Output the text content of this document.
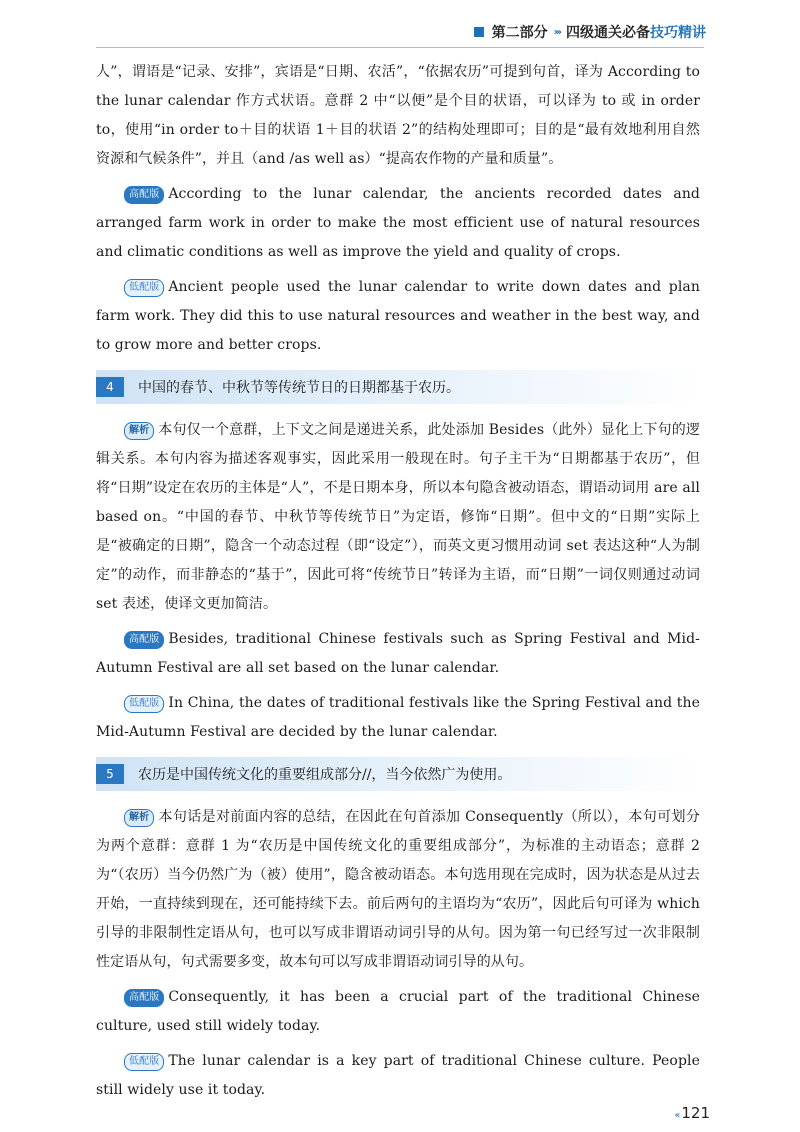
第二部分 ››› 四级通关必备 技巧精讲

人”，谓语是“记录、安排”，宾语是“日期、农活”，“依据农历”可提到句首，译为 According to the lunar calendar 作方式状语。意群 2 中“以便”是个目的状语，可以译为 to 或 in order to，使用“in order to＋目的状语 1＋目的状语 2”的结构处理即可；目的是“最有效地利用自然资源和气候条件”，并且（and /as well as）“提高农作物的产量和质量”。

高配版 According to the lunar calendar, the ancients recorded dates and arranged farm work in order to make the most efficient use of natural resources and climatic conditions as well as improve the yield and quality of crops.

低配版 Ancient people used the lunar calendar to write down dates and plan farm work. They did this to use natural resources and weather in the best way, and to grow more and better crops.

4	中国的春节、中秋节等传统节日的日期都基于农历。

解析 本句仅一个意群，上下文之间是递进关系，此处添加 Besides（此外）显化上下句的逻辑关系。本句内容为描述客观事实，因此采用一般现在时。句子主干为“日期都基于农历”，但将“日期”设定在农历的主体是“人”，不是日期本身，所以本句隐含被动语态，谓语动词用 are all based on。“中国的春节、中秋节等传统节日”为定语，修饰“日期”。但中文的“日期”实际上是“被确定的日期”，隐含一个动态过程（即“设定”），而英文更习惯用动词 set 表达这种“人为制定”的动作，而非静态的“基于”，因此可将“传统节日”转译为主语，而“日期”一词仅则通过动词 set 表述，使译文更加简洁。

高配版 Besides, traditional Chinese festivals such as Spring Festival and Mid-Autumn Festival are all set based on the lunar calendar.

低配版 In China, the dates of traditional festivals like the Spring Festival and the Mid-Autumn Festival are decided by the lunar calendar.

5	农历是中国传统文化的重要组成部分//，当今依然广为使用。

解析 本句话是对前面内容的总结，在因此在句首添加 Consequently（所以），本句可划分为两个意群：意群 1 为“农历是中国传统文化的重要组成部分”，为标准的主动语态；意群 2 为“（农历）当今仍然广为（被）使用”，隐含被动语态。本句选用现在完成时，因为状态是从过去开始，一直持续到现在，还可能持续下去。前后两句的主语均为“农历”，因此后句可译为 which 引导的非限制性定语从句，也可以写成非谓语动词引导的从句。因为第一句已经写过一次非限制性定语从句，句式需要多变，故本句可以写成非谓语动词引导的从句。

高配版 Consequently, it has been a crucial part of the traditional Chinese culture, used still widely today.

低配版 The lunar calendar is a key part of traditional Chinese culture. People still widely use it today.

‹‹ 121
